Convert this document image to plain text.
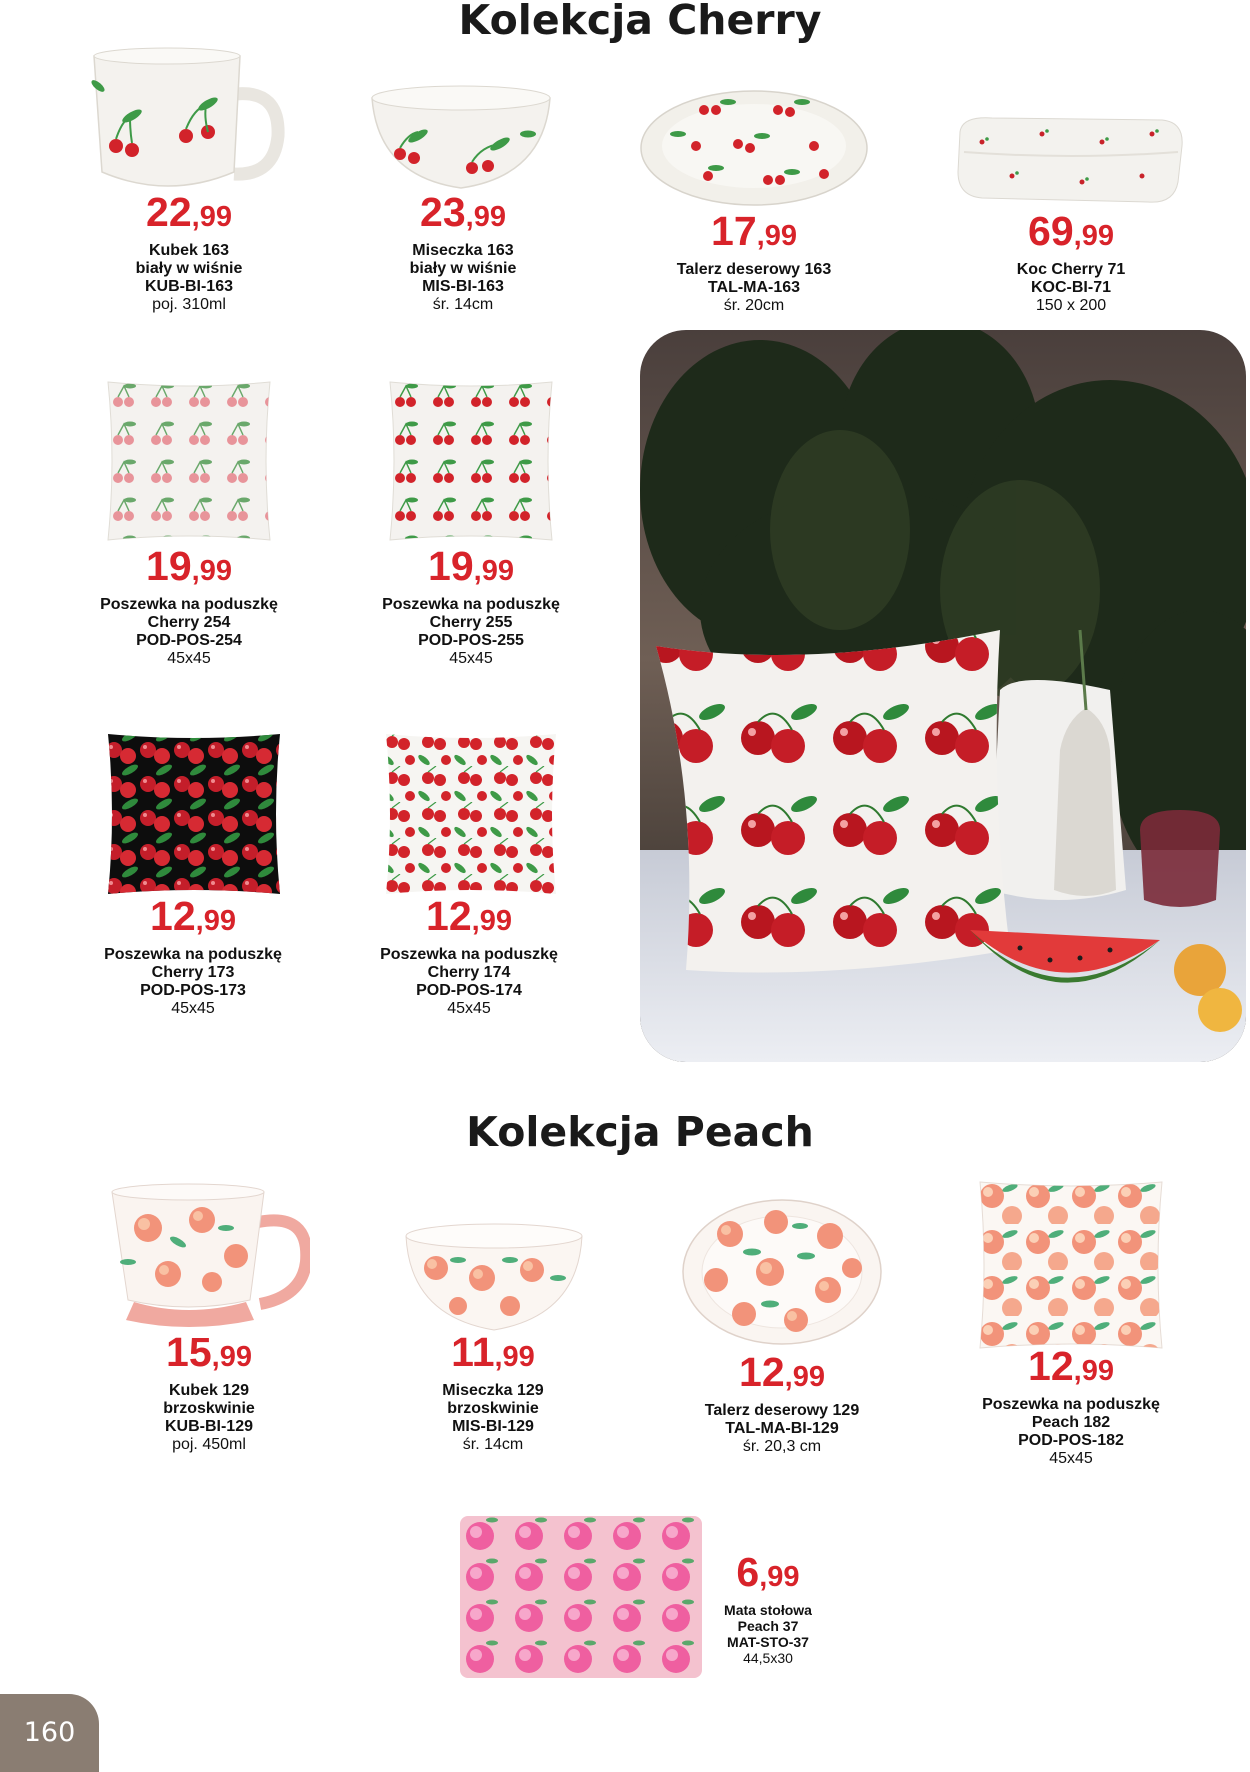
Kolekcja Cherry
22,99
Kubek 163
biały w wiśnie
KUB-BI-163
poj. 310ml
23,99
Miseczka 163
biały w wiśnie
MIS-BI-163
śr. 14cm
17,99
Talerz deserowy 163
TAL-MA-163
śr. 20cm
69,99
Koc Cherry 71
KOC-BI-71
150 x 200
19,99
Poszewka na poduszkę
Cherry 254
POD-POS-254
45x45
19,99
Poszewka na poduszkę
Cherry 255
POD-POS-255
45x45
12,99
Poszewka na poduszkę
Cherry 173
POD-POS-173
45x45
12,99
Poszewka na poduszkę
Cherry 174
POD-POS-174
45x45
Kolekcja Peach
15,99
Kubek 129
brzoskwinie
KUB-BI-129
poj. 450ml
11,99
Miseczka 129
brzoskwinie
MIS-BI-129
śr. 14cm
12,99
Talerz deserowy 129
TAL-MA-BI-129
śr. 20,3 cm
12,99
Poszewka na poduszkę
Peach 182
POD-POS-182
45x45
6,99
Mata stołowa
Peach 37
MAT-STO-37
44,5x30
160
